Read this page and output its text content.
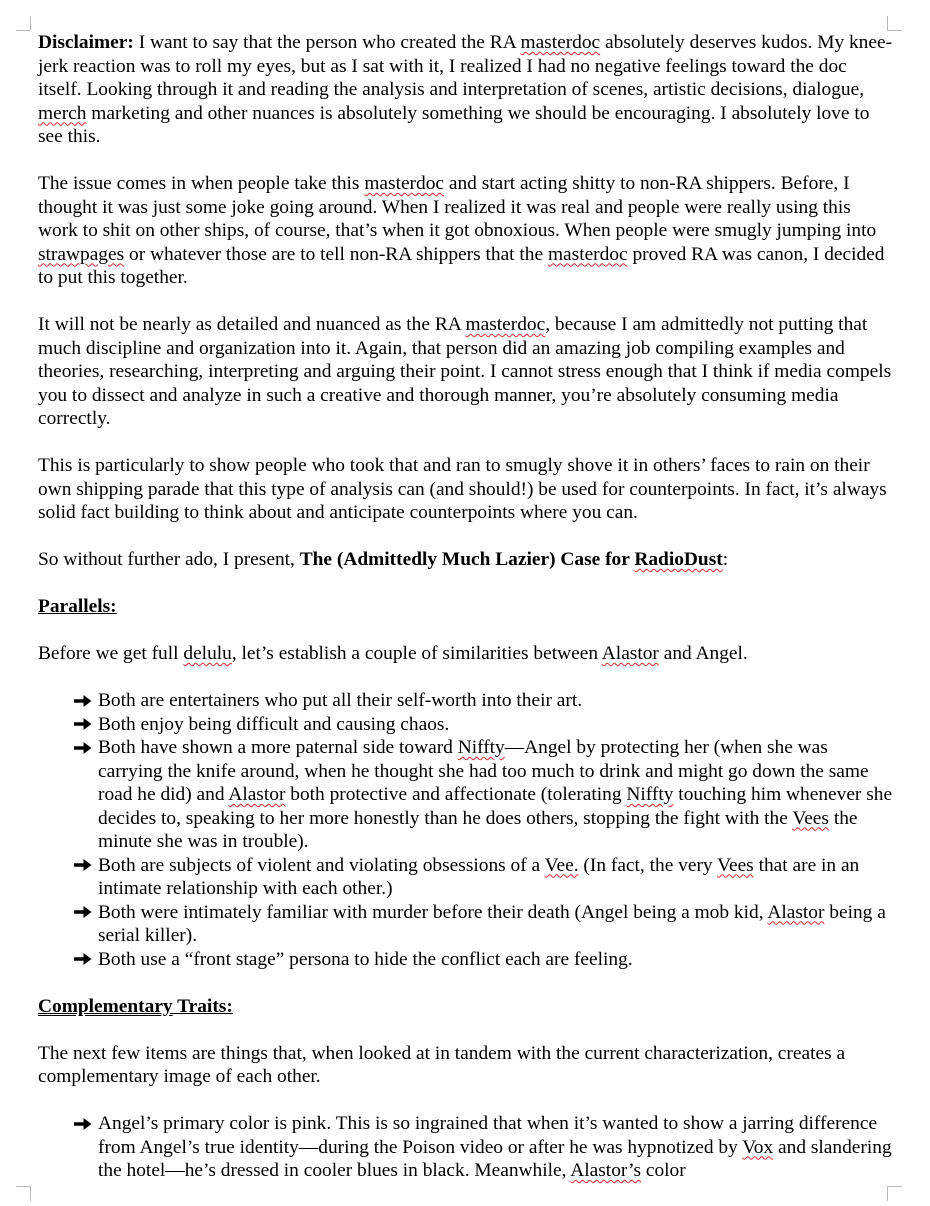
Disclaimer: I want to say that the person who created the RA masterdoc absolutely deserves kudos. My knee-jerk reaction was to roll my eyes, but as I sat with it, I realized I had no negative feelings toward the doc itself. Looking through it and reading the analysis and interpretation of scenes, artistic decisions, dialogue, merch marketing and other nuances is absolutely something we should be encouraging. I absolutely love to see this.

The issue comes in when people take this masterdoc and start acting shitty to non-RA shippers. Before, I thought it was just some joke going around. When I realized it was real and people were really using this work to shit on other ships, of course, that’s when it got obnoxious. When people were smugly jumping into strawpages or whatever those are to tell non-RA shippers that the masterdoc proved RA was canon, I decided to put this together.

It will not be nearly as detailed and nuanced as the RA masterdoc, because I am admittedly not putting that much discipline and organization into it. Again, that person did an amazing job compiling examples and theories, researching, interpreting and arguing their point. I cannot stress enough that I think if media compels you to dissect and analyze in such a creative and thorough manner, you’re absolutely consuming media correctly.

This is particularly to show people who took that and ran to smugly shove it in others’ faces to rain on their own shipping parade that this type of analysis can (and should!) be used for counterpoints. In fact, it’s always solid fact building to think about and anticipate counterpoints where you can.

So without further ado, I present, The (Admittedly Much Lazier) Case for RadioDust:

Parallels:

Before we get full delulu, let’s establish a couple of similarities between Alastor and Angel.

Both are entertainers who put all their self-worth into their art.
Both enjoy being difficult and causing chaos.
Both have shown a more paternal side toward Niffty—Angel by protecting her (when she was carrying the knife around, when he thought she had too much to drink and might go down the same road he did) and Alastor both protective and affectionate (tolerating Niffty touching him whenever she decides to, speaking to her more honestly than he does others, stopping the fight with the Vees the minute she was in trouble).
Both are subjects of violent and violating obsessions of a Vee. (In fact, the very Vees that are in an intimate relationship with each other.)
Both were intimately familiar with murder before their death (Angel being a mob kid, Alastor being a serial killer).
Both use a “front stage” persona to hide the conflict each are feeling.

Complementary Traits:

The next few items are things that, when looked at in tandem with the current characterization, creates a complementary image of each other.

Angel’s primary color is pink. This is so ingrained that when it’s wanted to show a jarring difference from Angel’s true identity—during the Poison video or after he was hypnotized by Vox and slandering the hotel—he’s dressed in cooler blues in black. Meanwhile, Alastor’s color
